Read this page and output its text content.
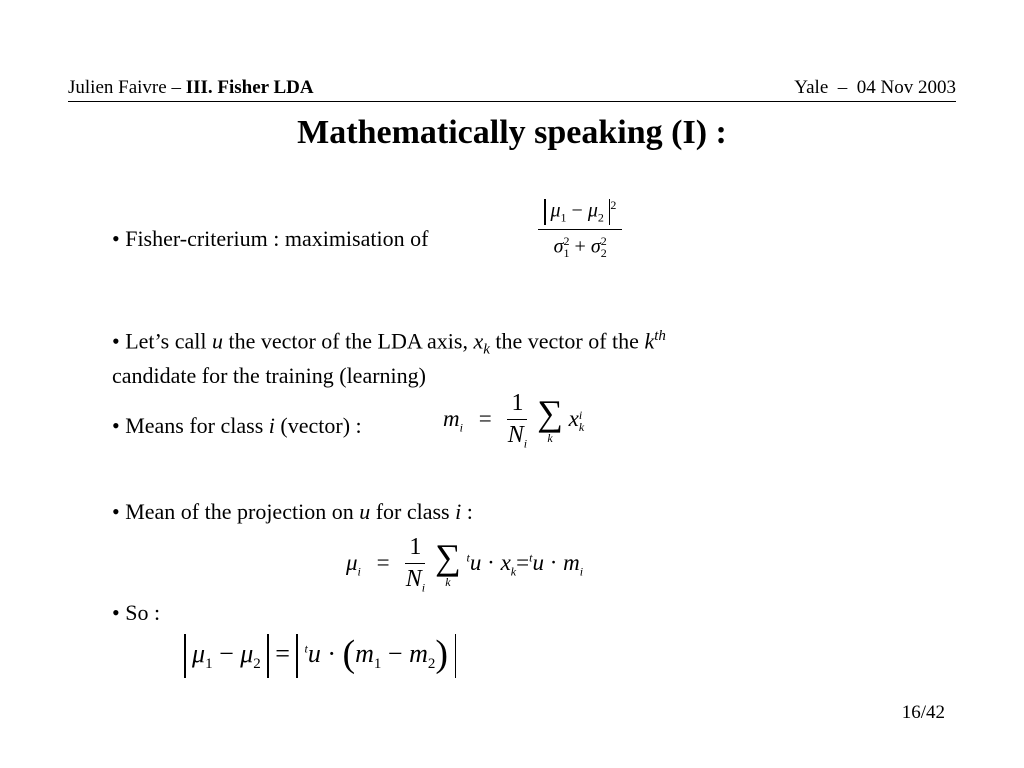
Julien Faivre – III. Fisher LDA	Yale – 04 Nov 2003
Mathematically speaking (I) :
• Fisher-criterium : maximisation of	$\frac{\mu_1 - \mu_2 ^2}{\sigma^2_1 + \sigma^2_2}$
• Let’s call u the vector of the LDA axis, $x_k$ the vector of the $k^{th}$
candidate for the training (learning)
• Means for class i (vector) :	$m_i = \frac{1}{N_i}$
∑
k
x i
k
• Mean of the projection on u for class i :
$\mu_i = \frac{1}{N_i}$
∑
k
$^tu \cdot x_k=^tu \cdot m_i$
• So :
$\mu_1 - \mu_2 = ^tu \cdot (m_1 - m_2)$
16/42
